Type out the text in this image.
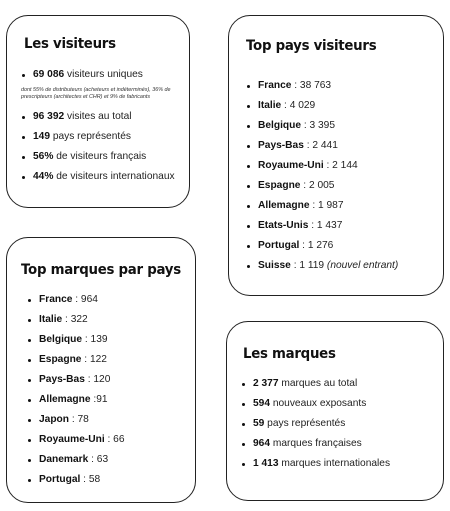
Les visiteurs
69 086 visiteurs uniques
dont 55% de distributeurs (acheteurs et indéterminés), 36% de prescripteurs (architectes et CHR) et 9% de fabricants
96 392 visites au total
149 pays représentés
56% de visiteurs français
44% de visiteurs internationaux
Top pays visiteurs
France : 38 763
Italie : 4 029
Belgique : 3 395
Pays-Bas : 2 441
Royaume-Uni : 2 144
Espagne : 2 005
Allemagne : 1 987
Etats-Unis : 1 437
Portugal : 1 276
Suisse : 1 119 (nouvel entrant)
Top marques par pays
France : 964
Italie : 322
Belgique : 139
Espagne : 122
Pays-Bas : 120
Allemagne :91
Japon : 78
Royaume-Uni : 66
Danemark : 63
Portugal : 58
Les marques
2 377 marques au total
594 nouveaux exposants
59 pays représentés
964 marques françaises
1 413 marques internationales
